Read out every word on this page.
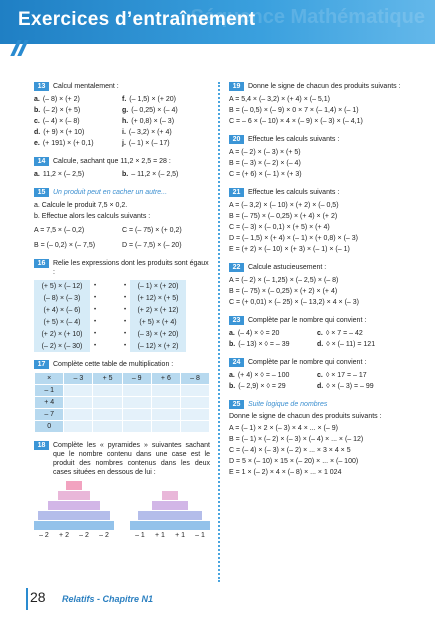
Séquence Mathématique
Exercices d’entraînement
13	Calcul mentalement :
a. (– 8) × (+ 2)	f. (– 1,5) × (+ 20)
b. (– 2) × (+ 5)	g. (– 0,25) × (– 4)
c. (– 4) × (– 8)	h. (+ 0,8) × (– 3)
d. (+ 9) × (+ 10)	i. (– 3,2) × (+ 4)
e. (+ 191) × (+ 0,1)	j. (– 1) × (– 17)
14	Calcule, sachant que 11,2 × 2,5 = 28 :
a. 11,2 × (– 2,5)	b. – 11,2 × (– 2,5)
15	Un produit peut en cacher un autre...
a. Calcule le produit 7,5 × 0,2.
b. Effectue alors les calculs suivants :
A = 7,5 × (– 0,2)	C = (– 75) × (+ 0,2)
B = (– 0,2) × (– 7,5)	D = (– 7,5) × (– 20)
16	Relie les expressions dont les produits sont égaux :
(+ 5) × (– 12)	•		•	(– 1) × (+ 20)
(– 8) × (– 3)	•		•	(+ 12) × (+ 5)
(+ 4) × (– 6)	•		•	(+ 2) × (+ 12)
(+ 5) × (– 4)	•		•	(+ 5) × (+ 4)
(+ 2) × (+ 10)	•		•	(– 3) × (+ 20)
(– 2) × (– 30)	•		•	(– 12) × (+ 2)
17	Complète cette table de multiplication :
×	– 3	+ 5	– 9	+ 6	– 8
– 1					
+ 4					
– 7					
0					
18	Complète les « pyramides » suivantes sachant que le nombre contenu dans une case est le produit des nombres contenus dans les deux cases situées en dessous de lui :
– 2 + 2 – 2 – 2	– 1 + 1 + 1 – 1
19	Donne le signe de chacun des produits suivants :
A = 5,4 × (– 3,2) × (+ 4) × (– 5,1)
B = (– 0,5) × (– 9) × 0 × 7 × (– 1,4) × (– 1)
C = – 6 × (– 10) × 4 × (– 9) × (– 3) × (– 4,1)
20	Effectue les calculs suivants :
A = (– 2) × (– 3) × (+ 5)
B = (– 3) × (– 2) × (– 4)
C = (+ 6) × (– 1) × (+ 3)
21	Effectue les calculs suivants :
A = (– 3,2) × (– 10) × (+ 2) × (– 0,5)
B = (– 75) × (– 0,25) × (+ 4) × (+ 2)
C = (– 3) × (– 0,1) × (+ 5) × (+ 4)
D = (– 1,5) × (+ 4) × (– 1) × (+ 0,8) × (– 3)
E = (+ 2) × (– 10) × (+ 3) × (– 1) × (– 1)
22	Calcule astucieusement :
A = (– 2) × (– 1,25) × (– 2,5) × (– 8)
B = (– 75) × (– 0,25) × (+ 2) × (+ 4)
C = (+ 0,01) × (– 25) × (– 13,2) × 4 × (– 3)
23	Complète par le nombre qui convient :
a. (– 4) × ◊ = 20	c. ◊ × 7 = – 42
b. (– 13) × ◊ = – 39	d. ◊ × (– 11) = 121
24	Complète par le nombre qui convient :
a. (+ 4) × ◊ = – 100	c. ◊ × 17 = – 17
b. (– 2,9) × ◊ = 29	d. ◊ × (– 3) = – 99
25	Suite logique de nombres
Donne le signe de chacun des produits suivants :
A = (– 1) × 2 × (– 3) × 4 × ... × (– 9)
B = (– 1) × (– 2) × (– 3) × (– 4) × ... × (– 12)
C = (– 4) × (– 3) × (– 2) × ... × 3 × 4 × 5
D = 5 × (– 10) × 15 × (– 20) × ... × (– 100)
E = 1 × (– 2) × 4 × (– 8) × ... × 1 024
28 Relatifs - Chapitre N1
